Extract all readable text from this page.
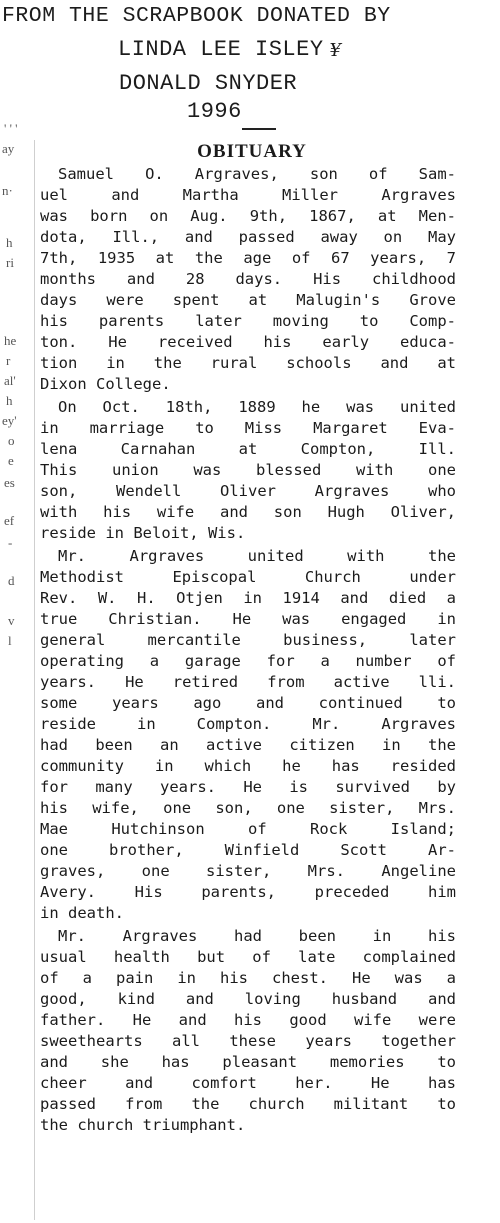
FROM THE SCRAPBOOK DONATED BY
LINDA LEE ISLEY ¥
DONALD SNYDER
1996
' ' '
ay
n·
h
ri
he
r
al'
h
ey'
o
e
es
ef
-
d
v
l
OBITUARY
Samuel O. Argraves, son of Sam-
uel and Martha Miller Argraves
was born on Aug. 9th, 1867, at Men-
dota, Ill., and passed away on May
7th, 1935 at the age of 67 years, 7
months and 28 days. His childhood
days were spent at Malugin's Grove
his parents later moving to Comp-
ton. He received his early educa-
tion in the rural schools and at
Dixon College.
On Oct. 18th, 1889 he was united
in marriage to Miss Margaret Eva-
lena Carnahan at Compton, Ill.
This union was blessed with one
son, Wendell Oliver Argraves who
with his wife and son Hugh Oliver,
reside in Beloit, Wis.
Mr. Argraves united with the
Methodist Episcopal Church under
Rev. W. H. Otjen in 1914 and died a
true Christian. He was engaged in
general mercantile business, later
operating a garage for a number of
years. He retired from active lli.
some years ago and continued to
reside in Compton. Mr. Argraves
had been an active citizen in the
community in which he has resided
for many years. He is survived by
his wife, one son, one sister, Mrs.
Mae Hutchinson of Rock Island;
one brother, Winfield Scott Ar-
graves, one sister, Mrs. Angeline
Avery. His parents, preceded him
in death.
Mr. Argraves had been in his
usual health but of late complained
of a pain in his chest. He was a
good, kind and loving husband and
father. He and his good wife were
sweethearts all these years together
and she has pleasant memories to
cheer and comfort her. He has
passed from the church militant to
the church triumphant.
